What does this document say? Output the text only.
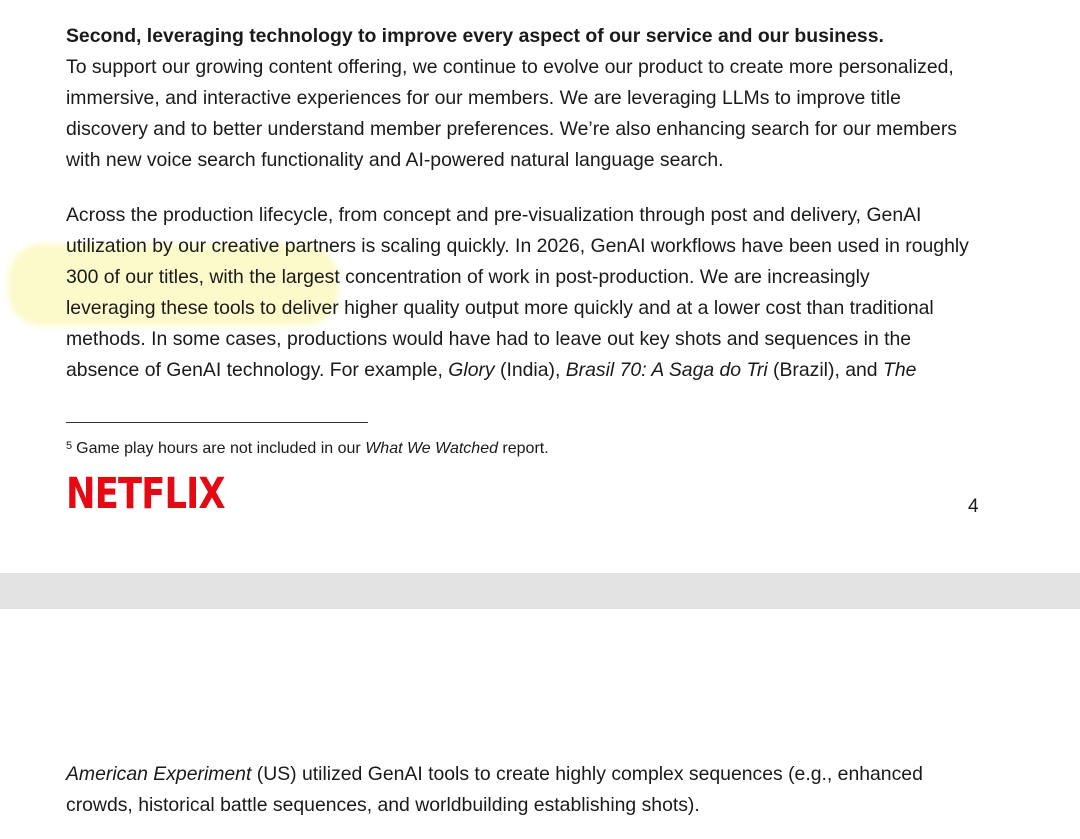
Second, leveraging technology to improve every aspect of our service and our business.
To support our growing content offering, we continue to evolve our product to create more personalized,
immersive, and interactive experiences for our members. We are leveraging LLMs to improve title
discovery and to better understand member preferences. We’re also enhancing search for our members
with new voice search functionality and AI-powered natural language search.
Across the production lifecycle, from concept and pre-visualization through post and delivery, GenAI
utilization by our creative partners is scaling quickly. In 2026, GenAI workflows have been used in roughly
300 of our titles, with the largest concentration of work in post-production. We are increasingly
leveraging these tools to deliver higher quality output more quickly and at a lower cost than traditional
methods. In some cases, productions would have had to leave out key shots and sequences in the
absence of GenAI technology. For example, Glory (India), Brasil 70: A Saga do Tri (Brazil), and The
$^5$ Game play hours are not included in our What We Watched report.
NETFLIX	4
American Experiment (US) utilized GenAI tools to create highly complex sequences (e.g., enhanced
crowds, historical battle sequences, and worldbuilding establishing shots).
